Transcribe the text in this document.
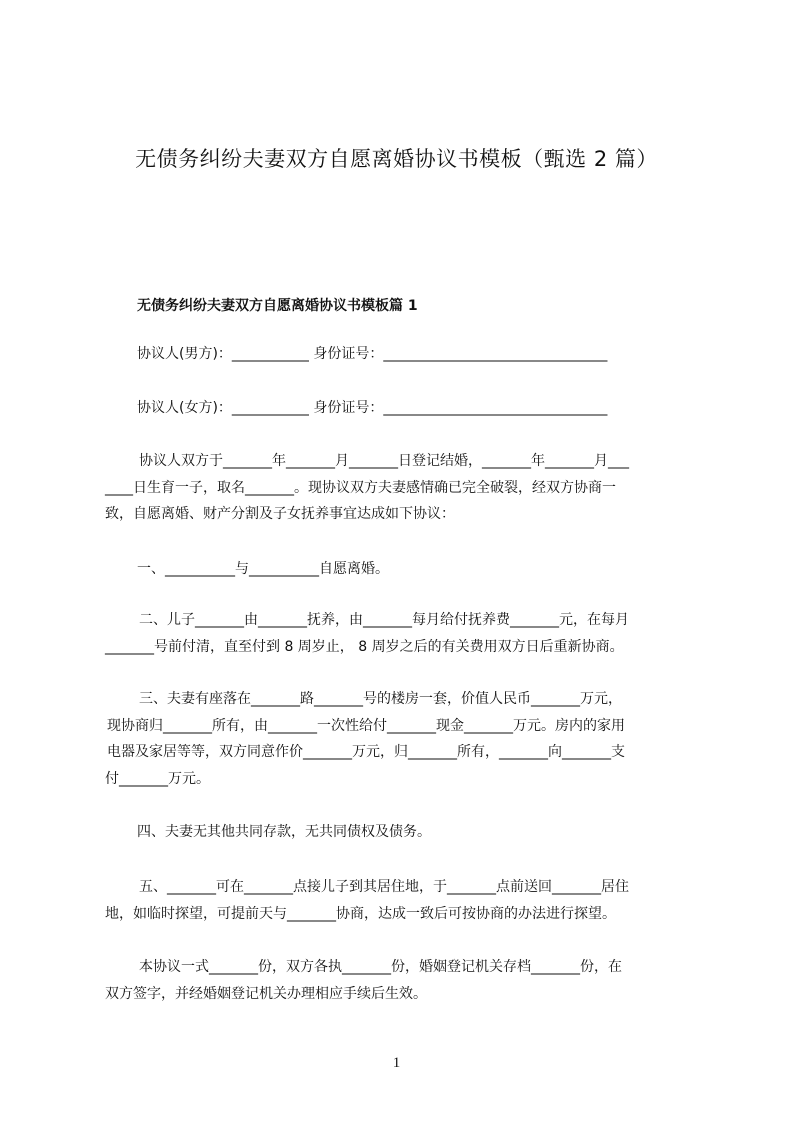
无债务纠纷夫妻双方自愿离婚协议书模板（甄选 2 篇）
无债务纠纷夫妻双方自愿离婚协议书模板篇 1
协议人(男方)：___________ 身份证号：________________________________
协议人(女方)：___________ 身份证号：________________________________
协议人双方于_______年_______月_______日登记结婚，_______年_______月___
____日生育一子，取名_______。现协议双方夫妻感情确已完全破裂，经双方协商一
致，自愿离婚、财产分割及子女抚养事宜达成如下协议：
一、__________与__________自愿离婚。
二、儿子_______由_______抚养，由_______每月给付抚养费_______元，在每月
_______号前付清，直至付到 8 周岁止， 8 周岁之后的有关费用双方日后重新协商。
三、夫妻有座落在_______路_______号的楼房一套，价值人民币_______万元，
现协商归_______所有，由_______一次性给付_______现金_______万元。房内的家用
电器及家居等等，双方同意作价_______万元，归_______所有，_______向_______支
付_______万元。
四、夫妻无其他共同存款，无共同债权及债务。
五、_______可在_______点接儿子到其居住地，于_______点前送回_______居住
地，如临时探望，可提前天与_______协商，达成一致后可按协商的办法进行探望。
本协议一式_______份，双方各执_______份，婚姻登记机关存档_______份，在
双方签字，并经婚姻登记机关办理相应手续后生效。
1
